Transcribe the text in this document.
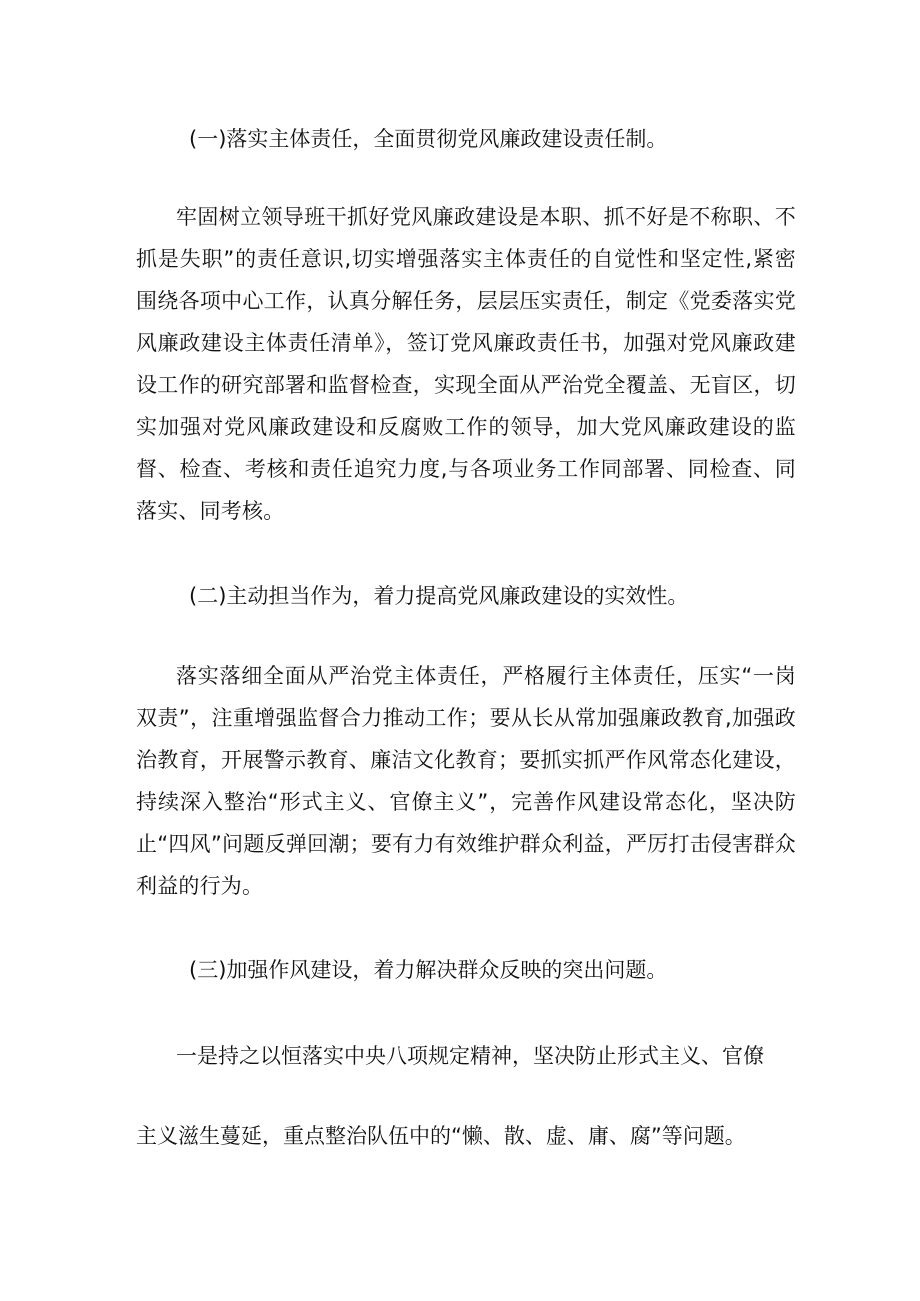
(一)落实主体责任，全面贯彻党风廉政建设责任制。
牢固树立领导班干抓好党风廉政建设是本职、抓不好是不称职、不抓是失职”的责任意识,切实增强落实主体责任的自觉性和坚定性,紧密围绕各项中心工作，认真分解任务，层层压实责任，制定《党委落实党风廉政建设主体责任清单》，签订党风廉政责任书，加强对党风廉政建设工作的研究部署和监督检查，实现全面从严治党全覆盖、无盲区，切实加强对党风廉政建设和反腐败工作的领导，加大党风廉政建设的监督、检查、考核和责任追究力度,与各项业务工作同部署、同检查、同落实、同考核。
(二)主动担当作为，着力提高党风廉政建设的实效性。
落实落细全面从严治党主体责任，严格履行主体责任，压实“一岗双责”，注重增强监督合力推动工作；要从长从常加强廉政教育,加强政治教育，开展警示教育、廉洁文化教育；要抓实抓严作风常态化建设，持续深入整治“形式主义、官僚主义”，完善作风建设常态化，坚决防止“四风”问题反弹回潮；要有力有效维护群众利益，严厉打击侵害群众利益的行为。
(三)加强作风建设，着力解决群众反映的突出问题。
一是持之以恒落实中央八项规定精神，坚决防止形式主义、官僚
主义滋生蔓延，重点整治队伍中的“懒、散、虚、庸、腐”等问题。
